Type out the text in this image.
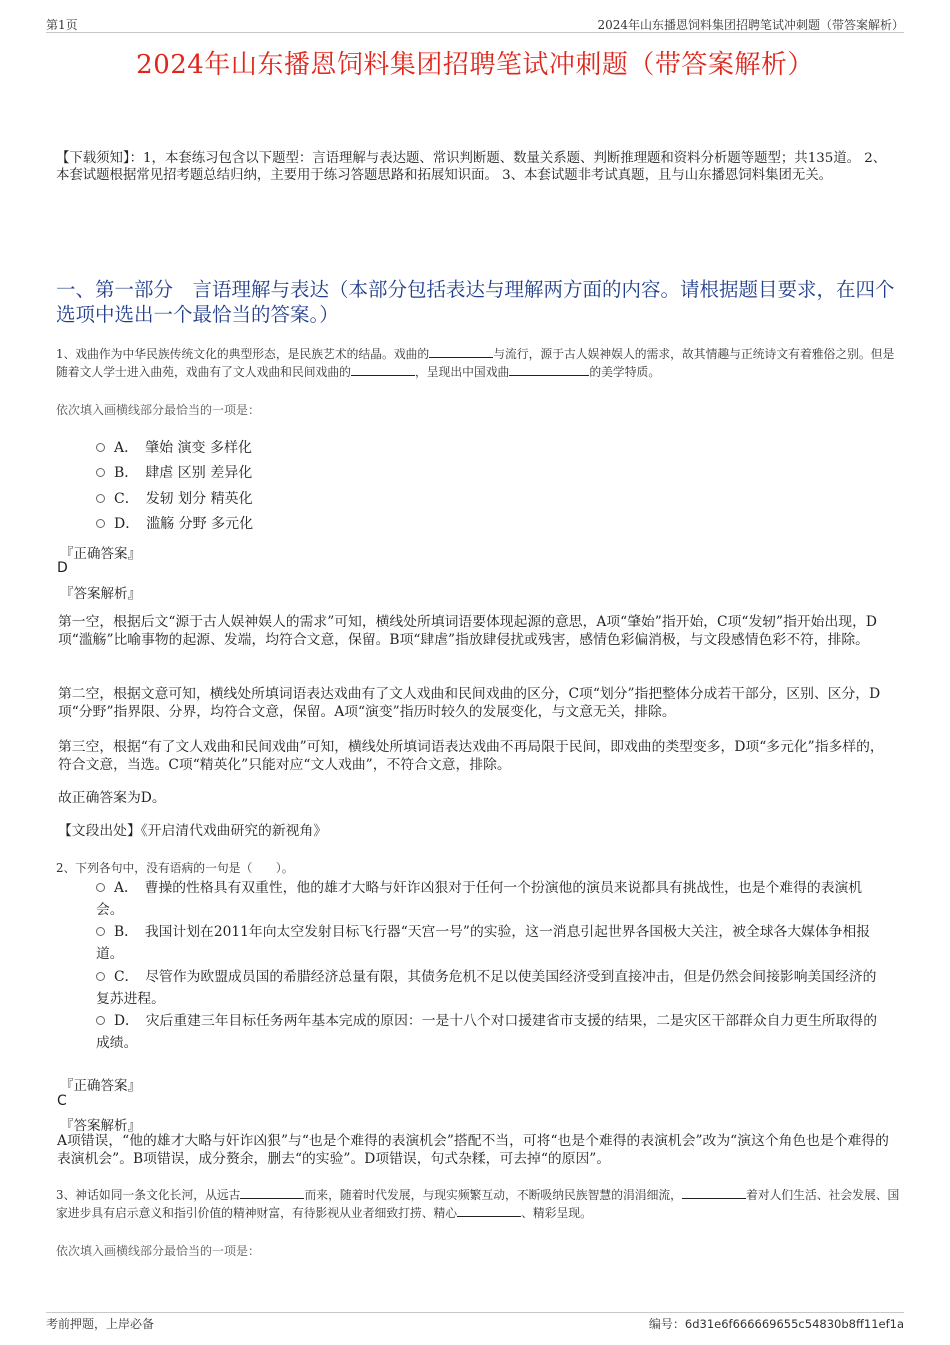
第1页	2024年山东播恩饲料集团招聘笔试冲刺题（带答案解析）
2024年山东播恩饲料集团招聘笔试冲刺题（带答案解析）
【下载须知】：1，本套练习包含以下题型：言语理解与表达题、常识判断题、数量关系题、判断推理题和资料分析题等题型；共135道。 2、本套试题根据常见招考题总结归纳，主要用于练习答题思路和拓展知识面。 3、本套试题非考试真题，且与山东播恩饲料集团无关。
一、第一部分　言语理解与表达（本部分包括表达与理解两方面的内容。请根据题目要求，在四个选项中选出一个最恰当的答案。）
1、戏曲作为中华民族传统文化的典型形态，是民族艺术的结晶。戏曲的	与流行，源于古人娱神娱人的需求，故其情趣与正统诗文有着雅俗之别。但是随着文人学士进入曲苑，戏曲有了文人戏曲和民间戏曲的	，呈现出中国戏曲	的美学特质。
依次填入画横线部分最恰当的一项是：
A．　肇始 演变 多样化
B．　肆虐 区别 差异化
C．　发轫 划分 精英化
D．　滥觞 分野 多元化
『正确答案』
D
『答案解析』
第一空，根据后文“源于古人娱神娱人的需求”可知，横线处所填词语要体现起源的意思，A项“肇始”指开始，C项“发轫”指开始出现，D项“滥觞”比喻事物的起源、发端，均符合文意，保留。B项“肆虐”指放肆侵扰或残害，感情色彩偏消极，与文段感情色彩不符，排除。
第二空，根据文意可知，横线处所填词语表达戏曲有了文人戏曲和民间戏曲的区分，C项“划分”指把整体分成若干部分，区别、区分，D项“分野”指界限、分界，均符合文意，保留。A项“演变”指历时较久的发展变化，与文意无关，排除。
第三空，根据“有了文人戏曲和民间戏曲”可知，横线处所填词语表达戏曲不再局限于民间，即戏曲的类型变多，D项“多元化”指多样的，符合文意，当选。C项“精英化”只能对应“文人戏曲”，不符合文意，排除。
故正确答案为D。
【文段出处】《开启清代戏曲研究的新视角》
2、下列各句中，没有语病的一句是（　　）。
A．　曹操的性格具有双重性，他的雄才大略与奸诈凶狠对于任何一个扮演他的演员来说都具有挑战性，也是个难得的表演机会。
B．　我国计划在2011年向太空发射目标飞行器“天宫一号”的实验，这一消息引起世界各国极大关注，被全球各大媒体争相报道。
C．　尽管作为欧盟成员国的希腊经济总量有限，其债务危机不足以使美国经济受到直接冲击，但是仍然会间接影响美国经济的复苏进程。
D．　灾后重建三年目标任务两年基本完成的原因：一是十八个对口援建省市支援的结果，二是灾区干部群众自力更生所取得的成绩。
『正确答案』
C
『答案解析』
A项错误，“他的雄才大略与奸诈凶狠”与“也是个难得的表演机会”搭配不当，可将“也是个难得的表演机会”改为“演这个角色也是个难得的表演机会”。B项错误，成分赘余，删去“的实验”。D项错误，句式杂糅，可去掉“的原因”。
3、神话如同一条文化长河，从远古	而来，随着时代发展，与现实频繁互动，不断吸纳民族智慧的涓涓细流，	着对人们生活、社会发展、国家进步具有启示意义和指引价值的精神财富，有待影视从业者细致打捞、精心	、精彩呈现。
依次填入画横线部分最恰当的一项是：
考前押题，上岸必备	编号：6d31e6f666669655c54830b8ff11ef1a
